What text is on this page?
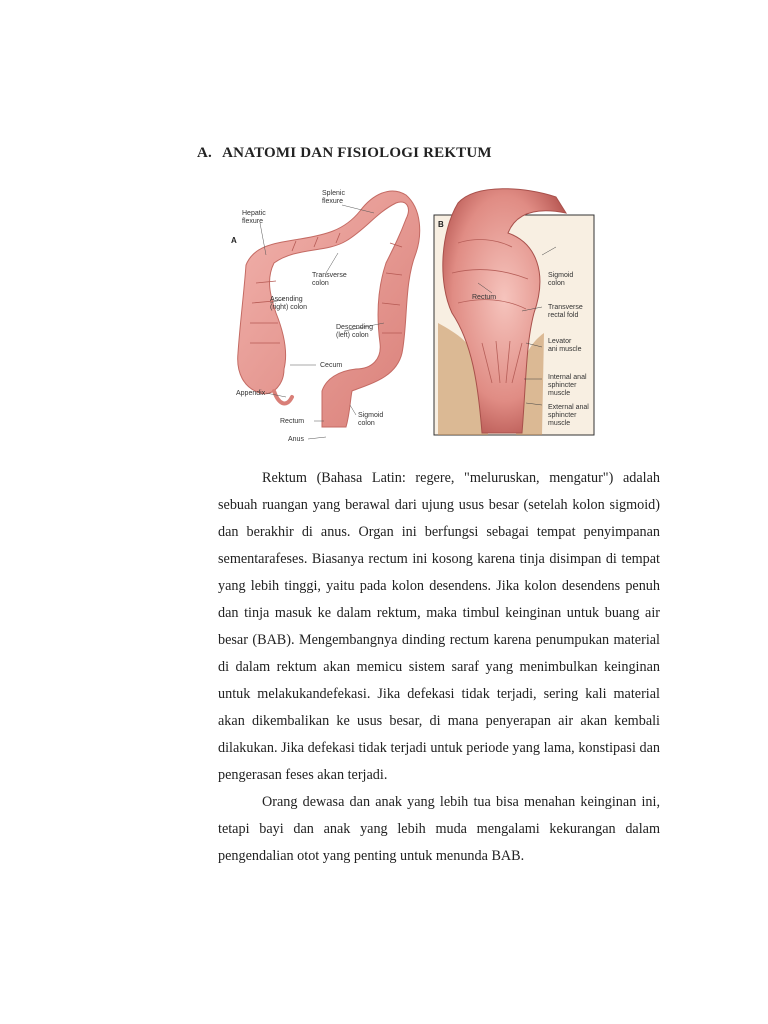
A. ANATOMI DAN FISIOLOGI REKTUM
A
Splenic
flexure
Hepatic
flexure
Transverse
colon
Ascending
(right) colon
Descending
(left) colon
Cecum
Appendix
Rectum
Anus
Sigmoid
colon
B
Sigmoid
colon
Rectum
Transverse
rectal fold
Levator
ani muscle
Internal anal
sphincter
muscle
External anal
sphincter
muscle

Rektum (Bahasa Latin: regere, "meluruskan, mengatur") adalah sebuah ruangan yang berawal dari ujung usus besar (setelah kolon sigmoid) dan berakhir di anus. Organ ini berfungsi sebagai tempat penyimpanan sementarafeses. Biasanya rectum ini kosong karena tinja disimpan di tempat yang lebih tinggi, yaitu pada kolon desendens. Jika kolon desendens penuh dan tinja masuk ke dalam rektum, maka timbul keinginan untuk buang air besar (BAB). Mengembangnya dinding rectum karena penumpukan material di dalam rektum akan memicu sistem saraf yang menimbulkan keinginan untuk melakukandefekasi. Jika defekasi tidak terjadi, sering kali material akan dikembalikan ke usus besar, di mana penyerapan air akan kembali dilakukan. Jika defekasi tidak terjadi untuk periode yang lama, konstipasi dan pengerasan feses akan terjadi.

Orang dewasa dan anak yang lebih tua bisa menahan keinginan ini, tetapi bayi dan anak yang lebih muda mengalami kekurangan dalam pengendalian otot yang penting untuk menunda BAB.
